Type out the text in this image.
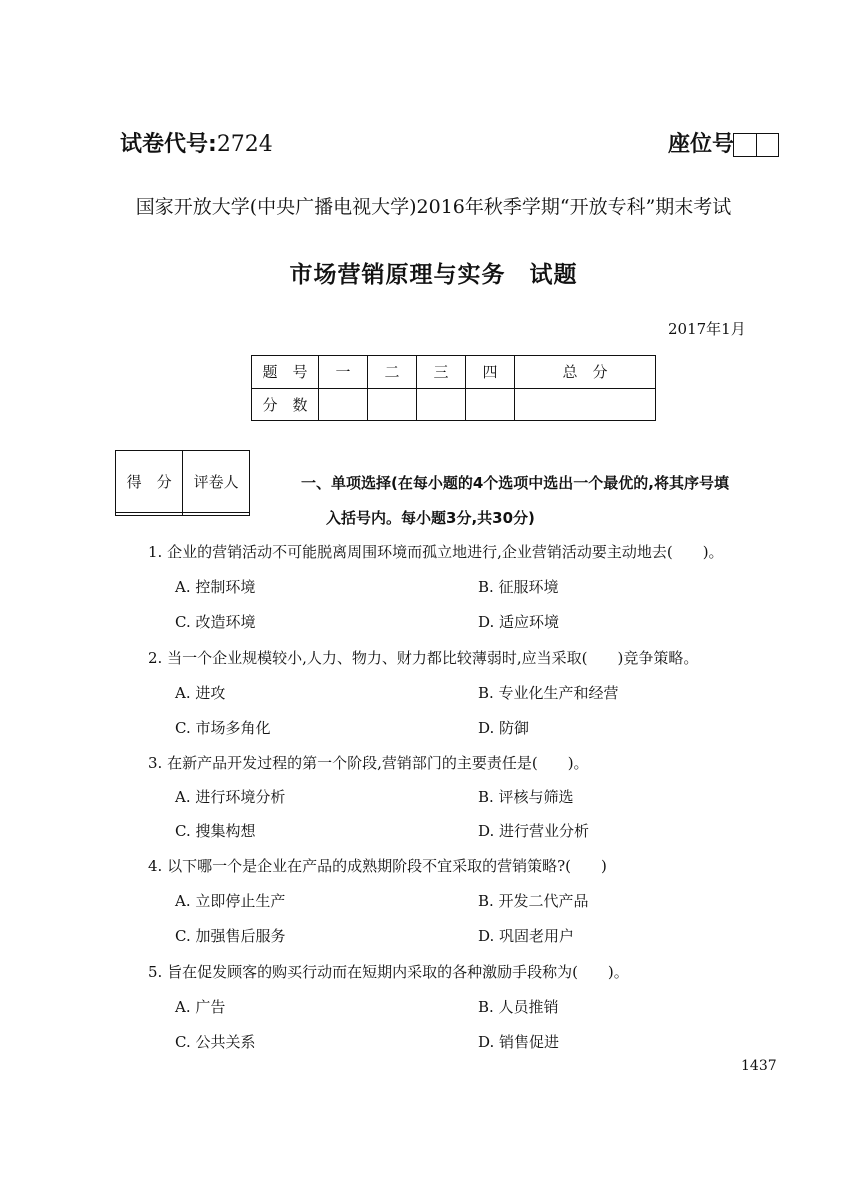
试卷代号:2724	座位号
国家开放大学(中央广播电视大学)2016年秋季学期“开放专科”期末考试
市场营销原理与实务　试题
2017年1月
题　号	一	二	三	四	总　分
分　数					
得　分	评卷人
		一、单项选择(在每小题的4个选项中选出一个最优的,将其序号填
入括号内。每小题3分,共30分)
1. 企业的营销活动不可能脱离周围环境而孤立地进行,企业营销活动要主动地去(　　)。
A. 控制环境	B. 征服环境
C. 改造环境	D. 适应环境
2. 当一个企业规模较小,人力、物力、财力都比较薄弱时,应当采取(　　)竞争策略。
A. 进攻	B. 专业化生产和经营
C. 市场多角化	D. 防御
3. 在新产品开发过程的第一个阶段,营销部门的主要责任是(　　)。
A. 进行环境分析	B. 评核与筛选
C. 搜集构想	D. 进行营业分析
4. 以下哪一个是企业在产品的成熟期阶段不宜采取的营销策略?(　　)
A. 立即停止生产	B. 开发二代产品
C. 加强售后服务	D. 巩固老用户
5. 旨在促发顾客的购买行动而在短期内采取的各种激励手段称为(　　)。
A. 广告	B. 人员推销
C. 公共关系	D. 销售促进
1437
